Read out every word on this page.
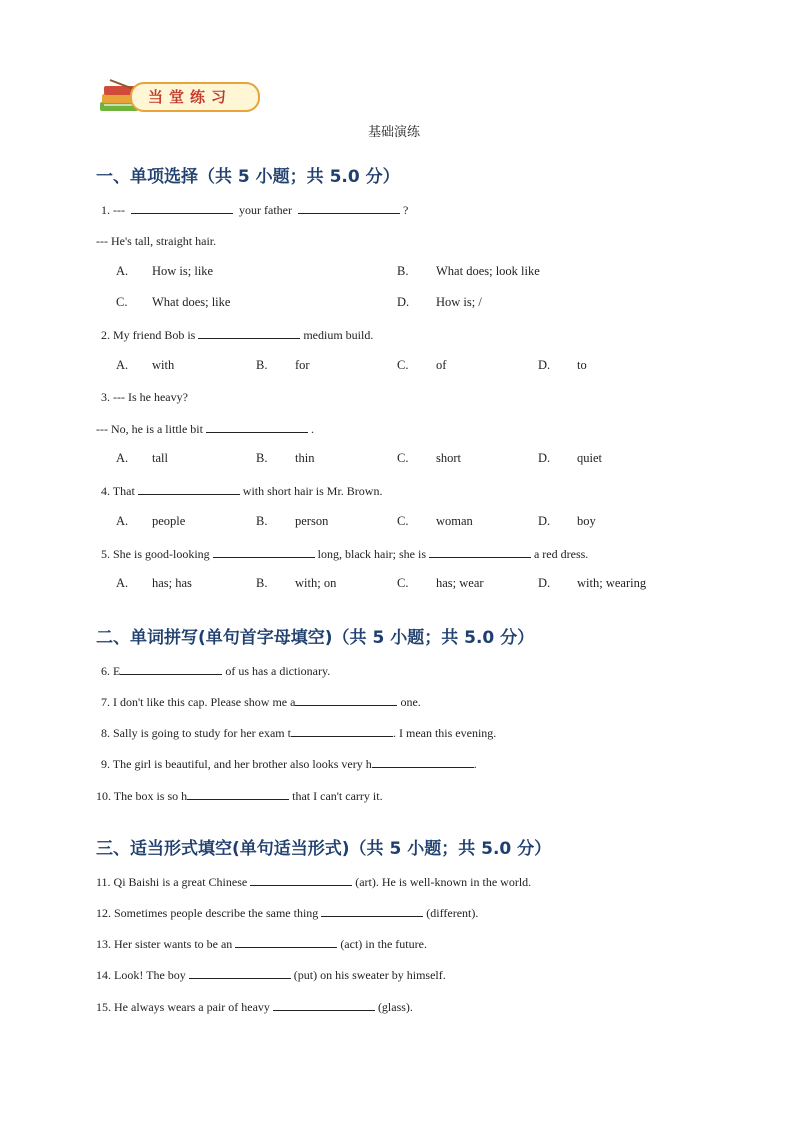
当堂练习
基础演练
一、单项选择（共 5 小题；共 5.0 分）
1. ---	your father	?
--- He's tall, straight hair.
A. How is; like	B. What does; look like
C. What does; like	D. How is; /
2. My friend Bob is	medium build.
A. with	B. for	C. of	D. to
3. --- Is he heavy?
--- No, he is a little bit	.
A. tall	B. thin	C. short	D. quiet
4. That	with short hair is Mr. Brown.
A. people	B. person	C. woman	D. boy
5. She is good-looking	long, black hair; she is	a red dress.
A. has; has	B. with; on	C. has; wear	D. with; wearing
二、单词拼写(单句首字母填空)（共 5 小题；共 5.0 分）
6. E	of us has a dictionary.
7. I don't like this cap. Please show me a	one.
8. Sally is going to study for her exam t	. I mean this evening.
9. The girl is beautiful, and her brother also looks very h	.
10. The box is so h	that I can't carry it.
三、适当形式填空(单句适当形式)（共 5 小题；共 5.0 分）
11. Qi Baishi is a great Chinese	(art). He is well-known in the world.
12. Sometimes people describe the same thing	(different).
13. Her sister wants to be an	(act) in the future.
14. Look! The boy	(put) on his sweater by himself.
15. He always wears a pair of heavy	(glass).
